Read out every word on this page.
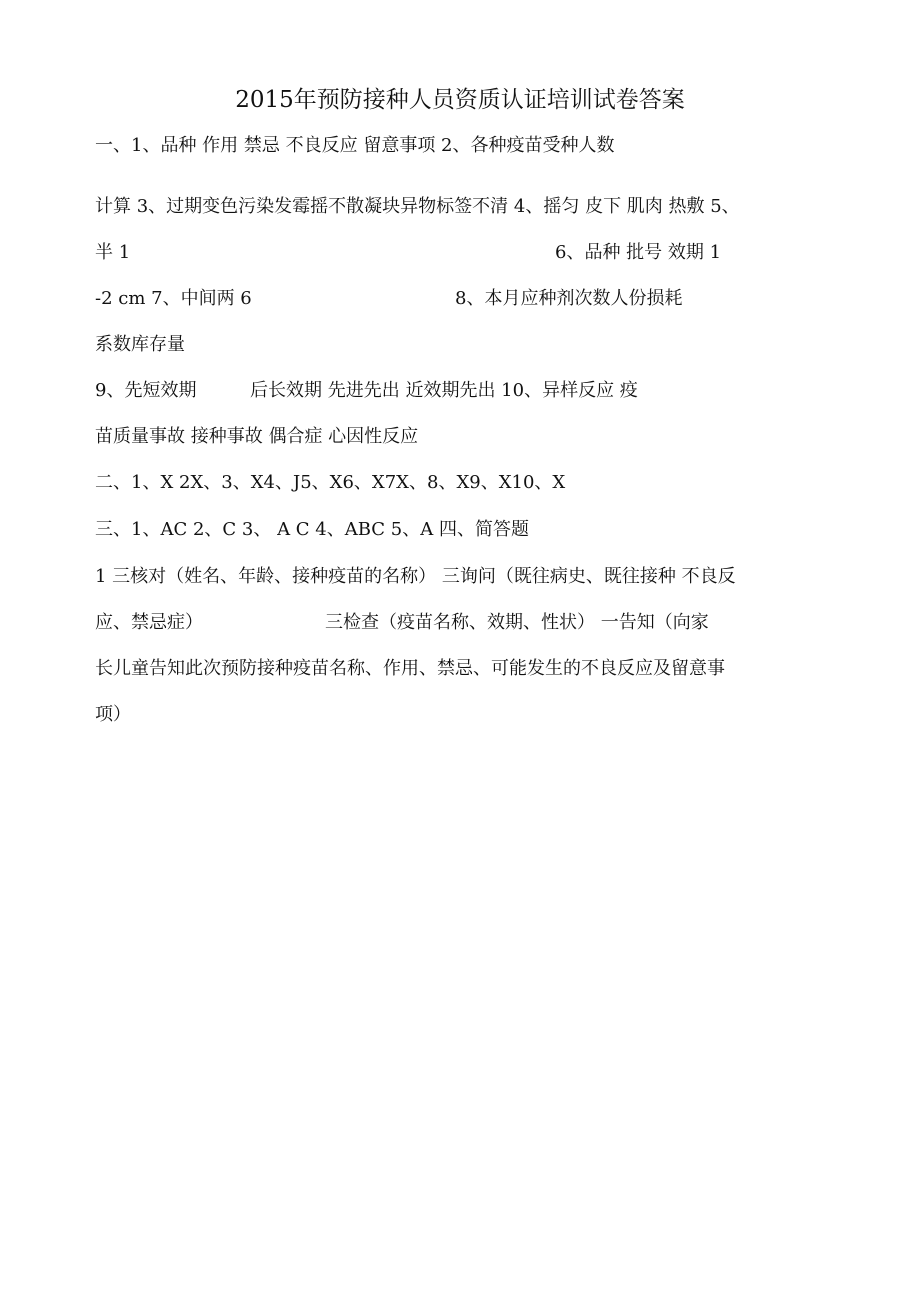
2015年预防接种人员资质认证培训试卷答案
一、1、品种 作用 禁忌 不良反应 留意事项 2、各种疫苗受种人数
计算 3、过期变色污染发霉摇不散凝块异物标签不清 4、摇匀 皮下 肌肉 热敷 5、
半 1	6、品种 批号 效期 1
-2 cm 7、中间两 6	8、本月应种剂次数人份损耗
系数库存量
9、先短效期	后长效期 先进先出 近效期先出 10、异样反应 疫
苗质量事故 接种事故 偶合症 心因性反应
二、1、X 2X、3、X4、J5、X6、X7X、8、X9、X10、X
三、1、AC 2、C 3、 A C 4、ABC 5、A 四、简答题
1 三核对（姓名、年龄、接种疫苗的名称） 三询问（既往病史、既往接种 不良反
应、禁忌症）	三检查（疫苗名称、效期、性状） 一告知（向家
长儿童告知此次预防接种疫苗名称、作用、禁忌、可能发生的不良反应及留意事
项）
